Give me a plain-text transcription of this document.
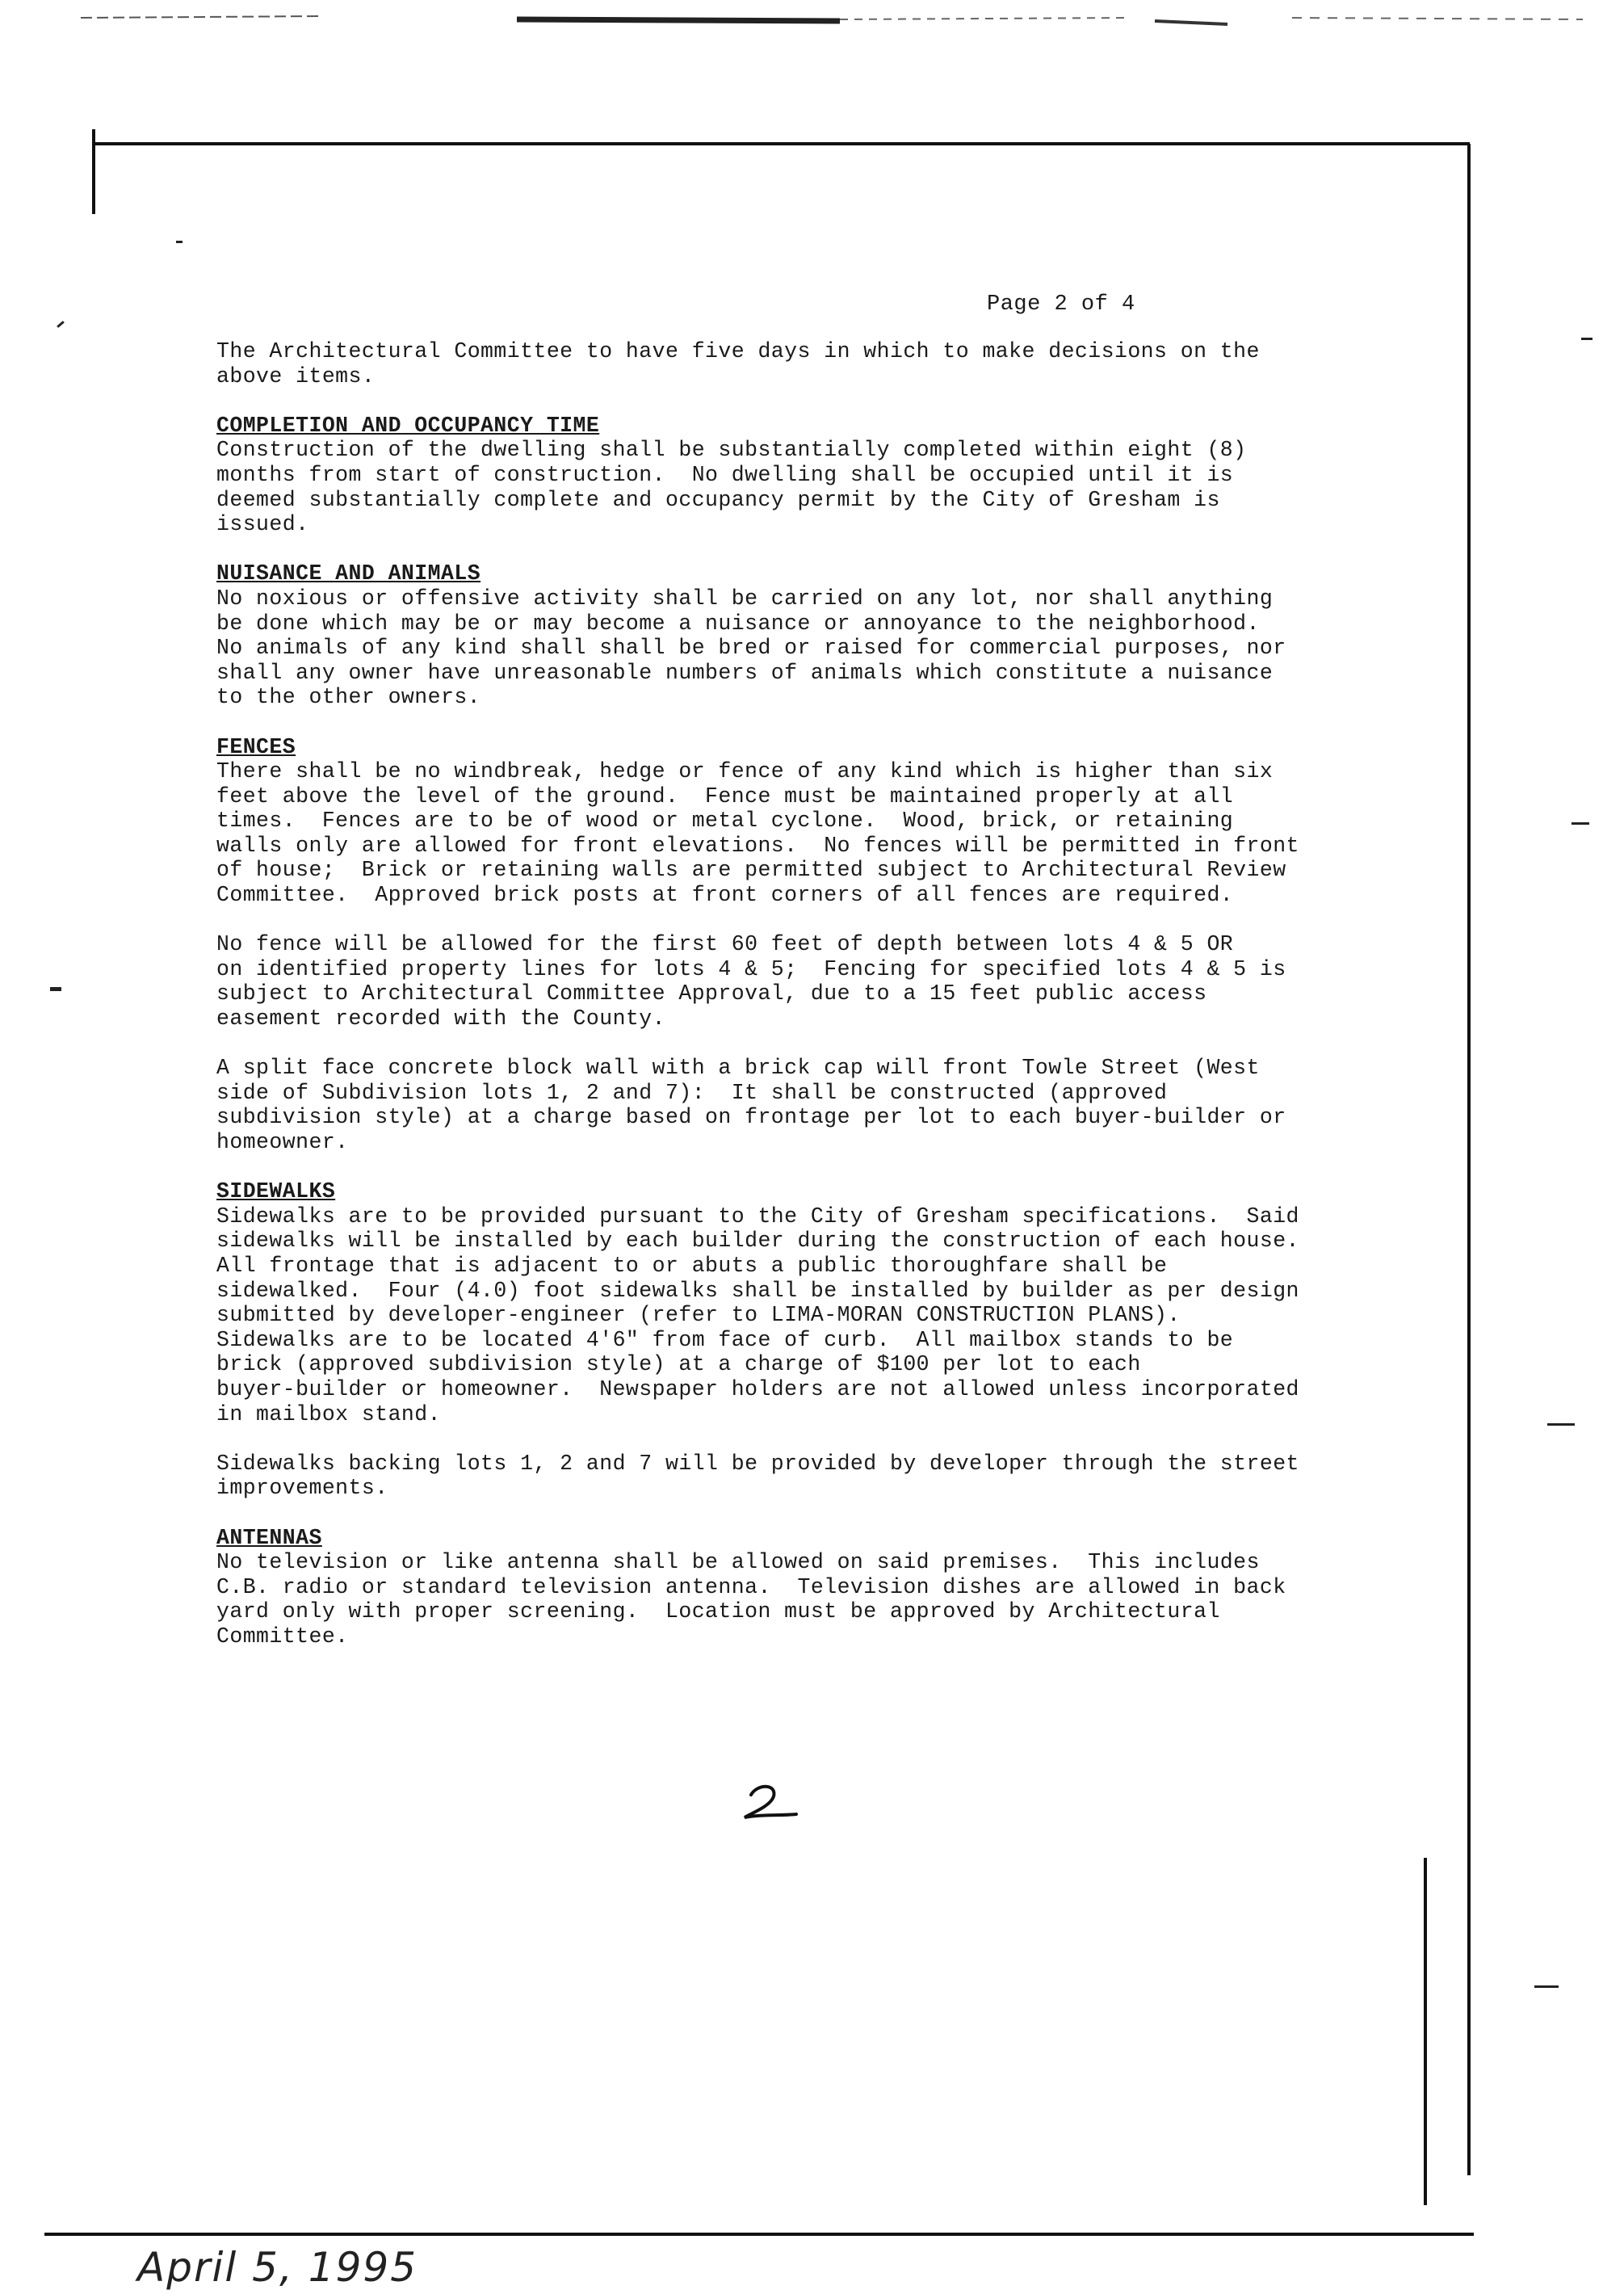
Page 2 of 4

The Architectural Committee to have five days in which to make decisions on the
above items.

COMPLETION AND OCCUPANCY TIME

Construction of the dwelling shall be substantially completed within eight (8)
months from start of construction.  No dwelling shall be occupied until it is
deemed substantially complete and occupancy permit by the City of Gresham is
issued.

NUISANCE AND ANIMALS

No noxious or offensive activity shall be carried on any lot, nor shall anything
be done which may be or may become a nuisance or annoyance to the neighborhood.
No animals of any kind shall shall be bred or raised for commercial purposes, nor
shall any owner have unreasonable numbers of animals which constitute a nuisance
to the other owners.

FENCES

There shall be no windbreak, hedge or fence of any kind which is higher than six
feet above the level of the ground.  Fence must be maintained properly at all
times.  Fences are to be of wood or metal cyclone.  Wood, brick, or retaining
walls only are allowed for front elevations.  No fences will be permitted in front
of house;  Brick or retaining walls are permitted subject to Architectural Review
Committee.  Approved brick posts at front corners of all fences are required.

No fence will be allowed for the first 60 feet of depth between lots 4 & 5 OR
on identified property lines for lots 4 & 5;  Fencing for specified lots 4 & 5 is
subject to Architectural Committee Approval, due to a 15 feet public access
easement recorded with the County.

A split face concrete block wall with a brick cap will front Towle Street (West
side of Subdivision lots 1, 2 and 7):  It shall be constructed (approved
subdivision style) at a charge based on frontage per lot to each buyer-builder or
homeowner.

SIDEWALKS

Sidewalks are to be provided pursuant to the City of Gresham specifications.  Said
sidewalks will be installed by each builder during the construction of each house.
All frontage that is adjacent to or abuts a public thoroughfare shall be
sidewalked.  Four (4.0) foot sidewalks shall be installed by builder as per design
submitted by developer-engineer (refer to LIMA-MORAN CONSTRUCTION PLANS).
Sidewalks are to be located 4'6" from face of curb.  All mailbox stands to be
brick (approved subdivision style) at a charge of $100 per lot to each
buyer-builder or homeowner.  Newspaper holders are not allowed unless incorporated
in mailbox stand.

Sidewalks backing lots 1, 2 and 7 will be provided by developer through the street
improvements.

ANTENNAS

No television or like antenna shall be allowed on said premises.  This includes
C.B. radio or standard television antenna.  Television dishes are allowed in back
yard only with proper screening.  Location must be approved by Architectural
Committee.

April 5, 1995
